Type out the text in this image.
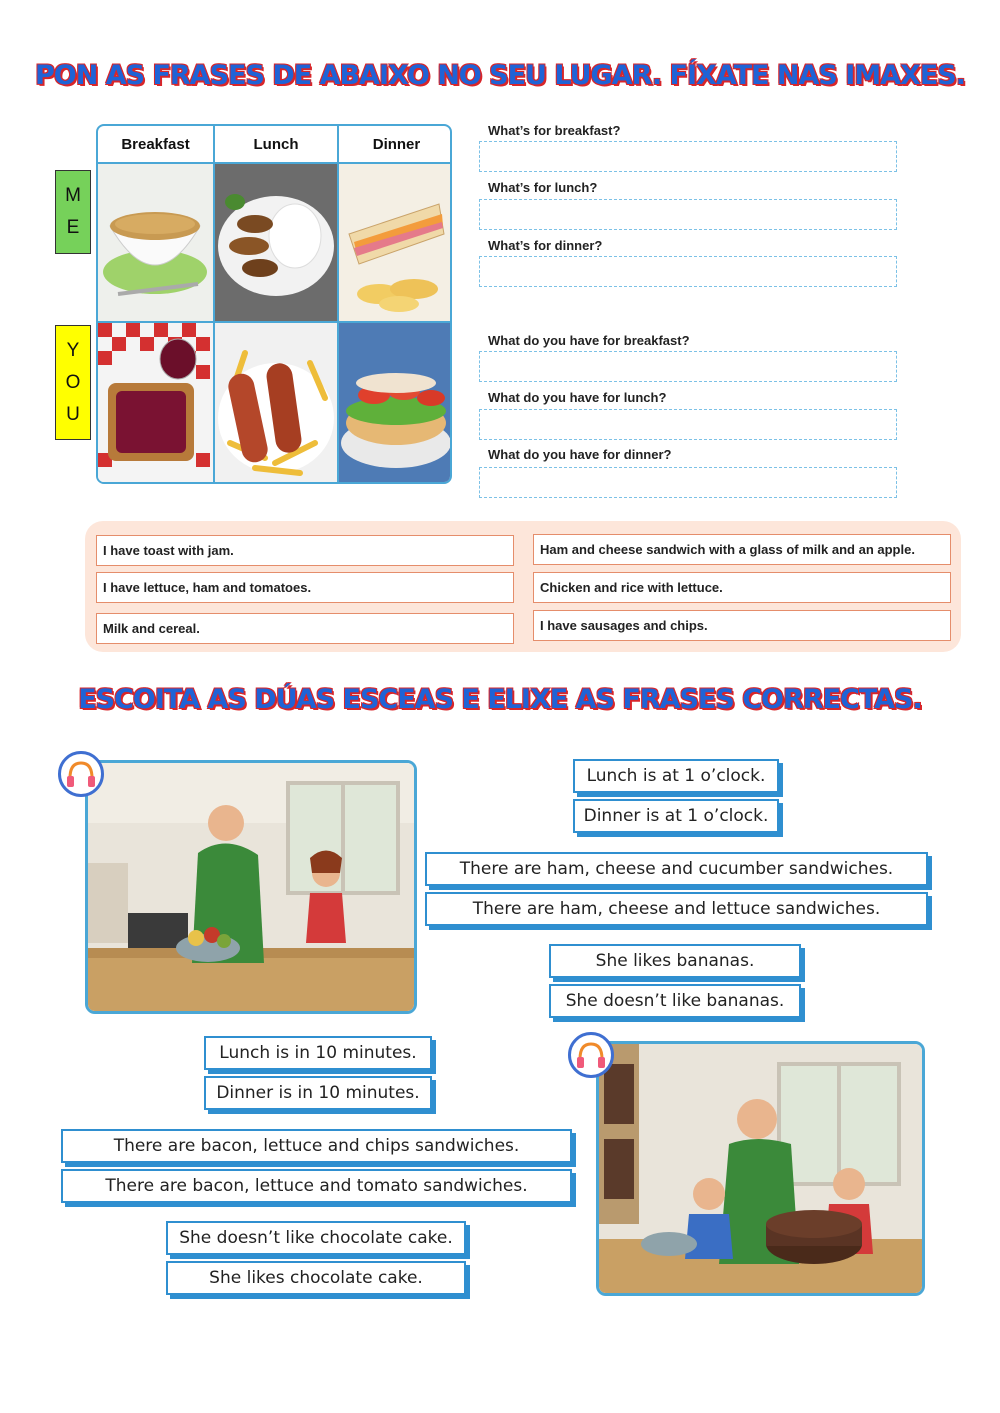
PON AS FRASES DE ABAIXO NO SEU LUGAR. FÍXATE NAS IMAXES.
M
E
Y
O
U
Breakfast	Lunch	Dinner
What’s for breakfast?
What’s for lunch?
What’s for dinner?
What do you have for breakfast?
What do you have for lunch?
What do you have for dinner?
I have toast with jam.
I have lettuce, ham and tomatoes.
Milk and cereal.
Ham and cheese sandwich with a glass of milk and an apple.
Chicken and rice with lettuce.
I have sausages and chips.
ESCOITA AS DÚAS ESCEAS E ELIXE AS FRASES CORRECTAS.
Lunch is at 1 o’clock.
Dinner is at 1 o’clock.
There are ham, cheese and cucumber sandwiches.
There are ham, cheese and lettuce sandwiches.
She likes bananas.
She doesn’t like bananas.
Lunch is in 10 minutes.
Dinner is in 10 minutes.
There are bacon, lettuce and chips sandwiches.
There are bacon, lettuce and tomato sandwiches.
She doesn’t like chocolate cake.
She likes chocolate cake.
